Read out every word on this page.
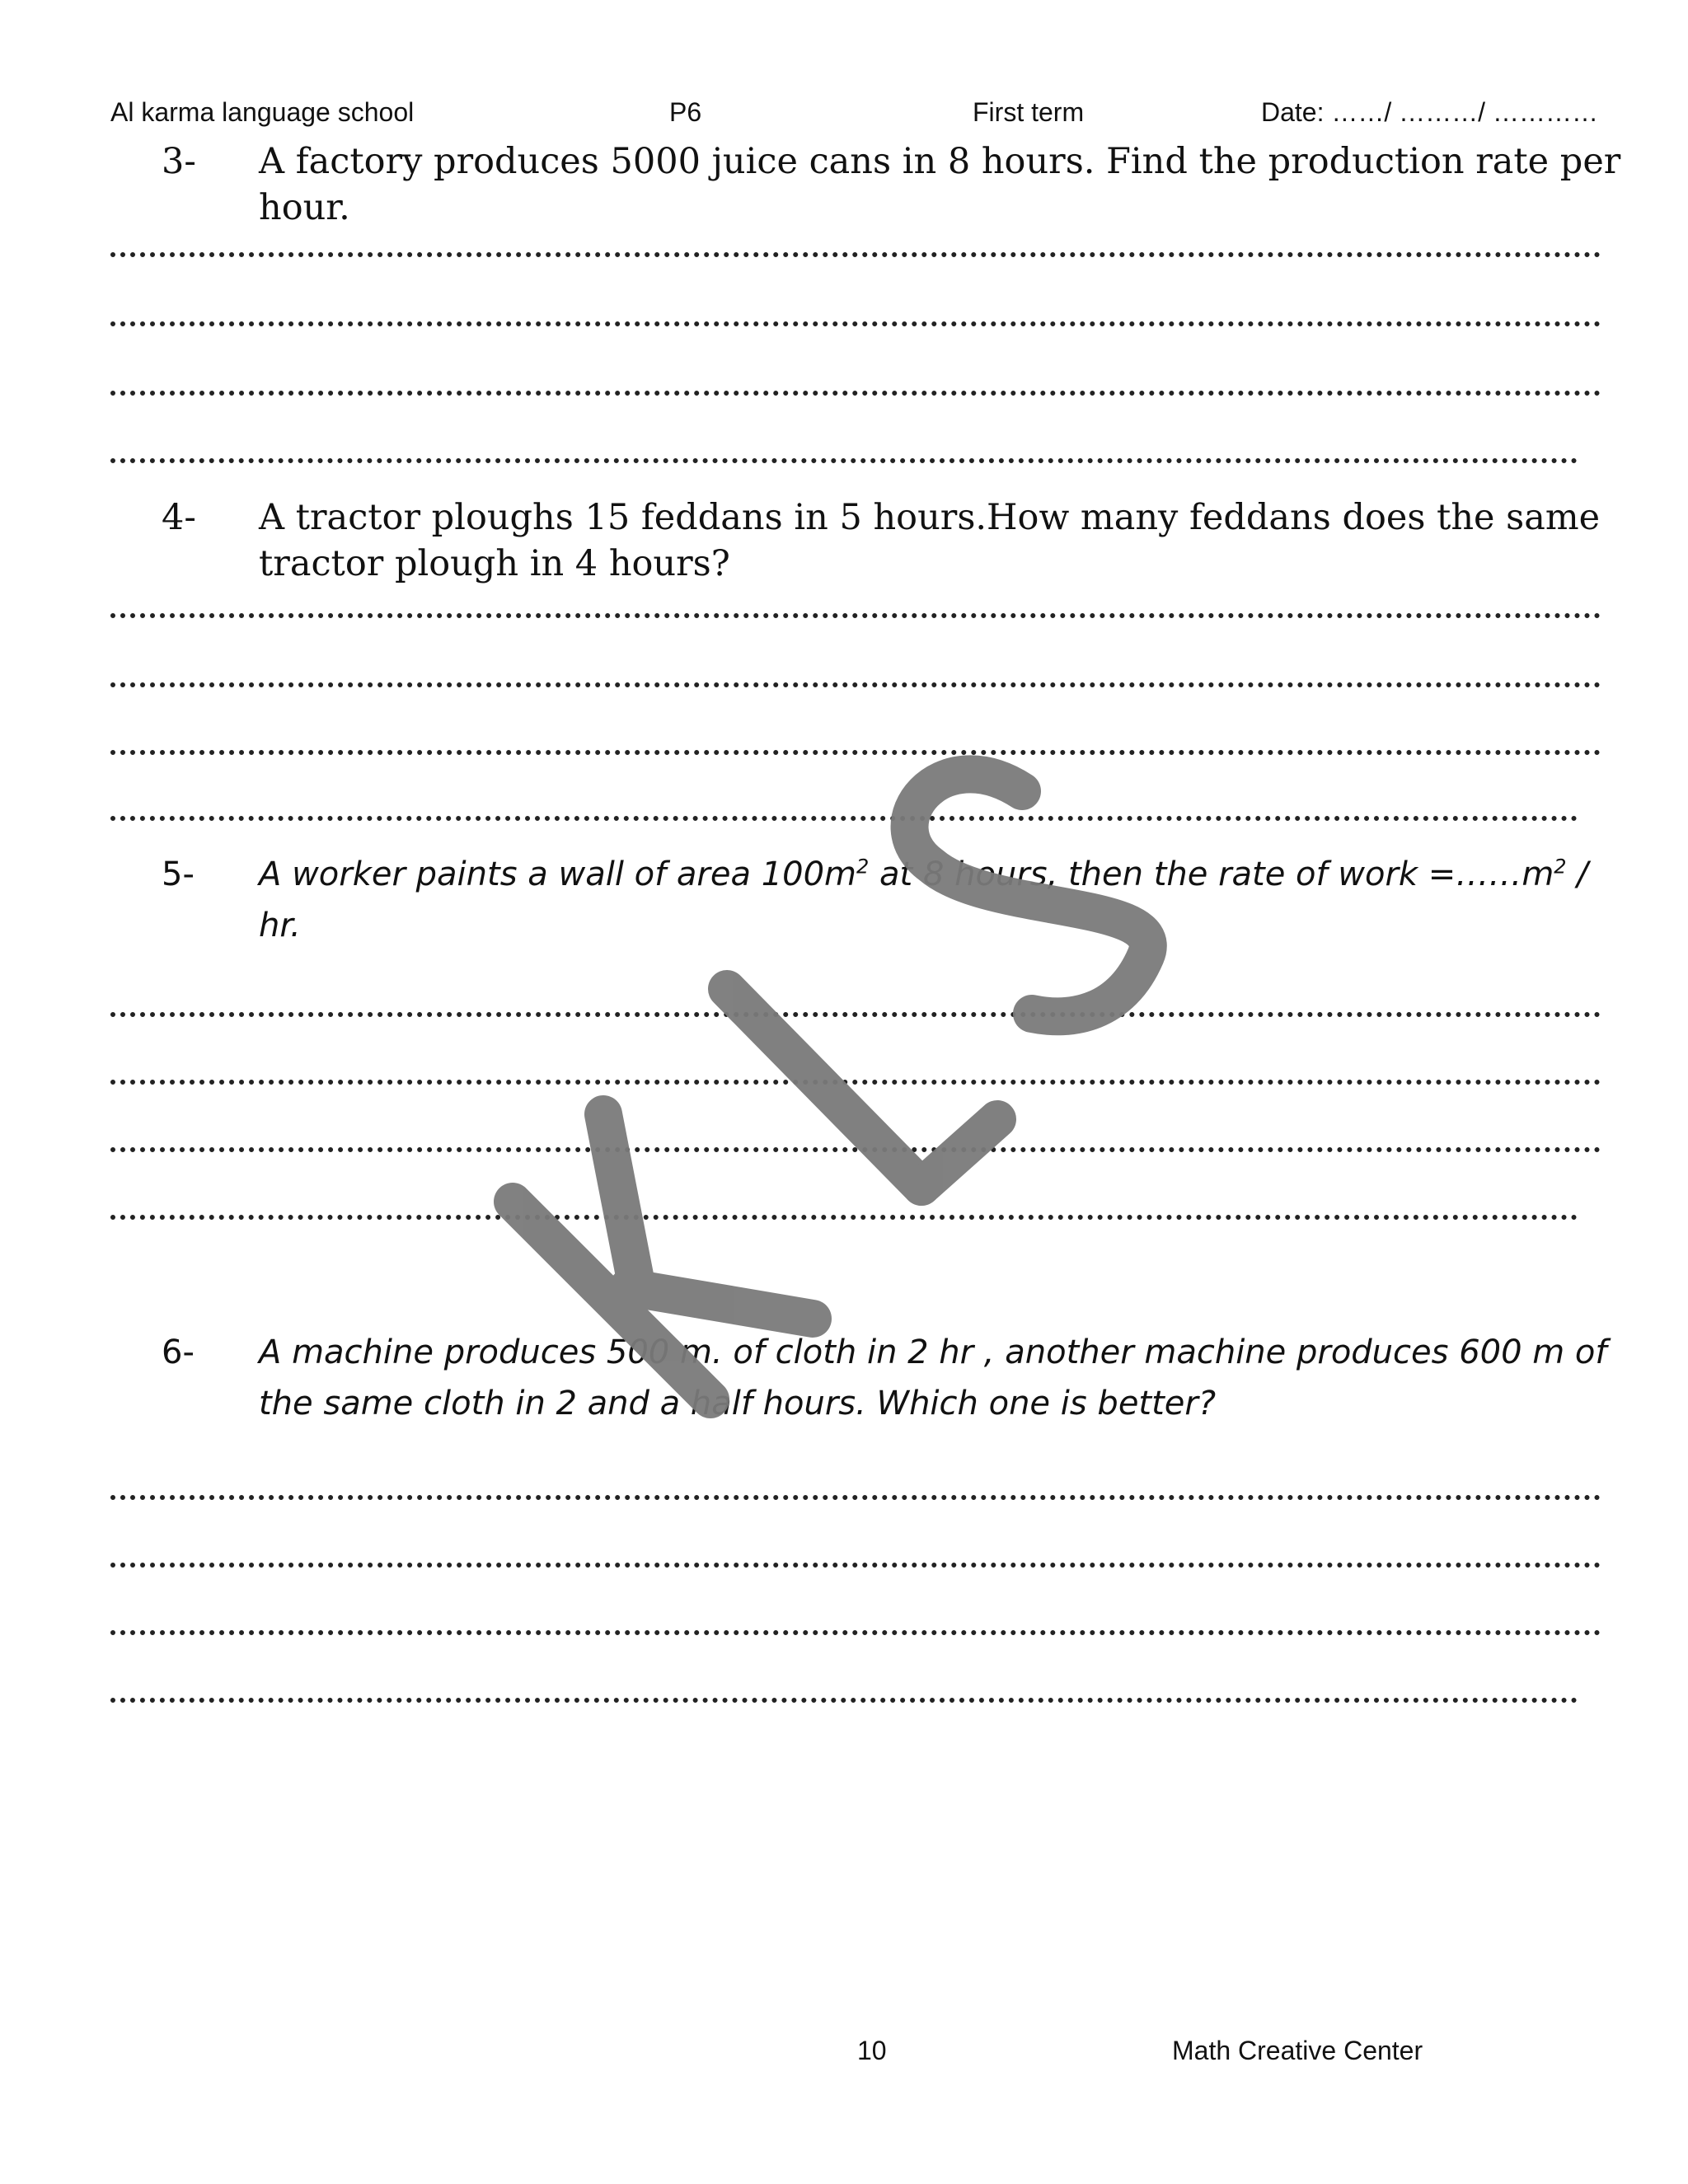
Al karma language school	P6	First term	Date: ……/ ………/ …………
3- A factory produces 5000 juice cans in 8 hours. Find the production rate per hour.
4- A tractor ploughs 15 feddans in 5 hours.How many feddans does the same tractor plough in 4 hours?
5- A worker paints a wall of area $100m^2$ at 8 hours, then the rate of work $=\dots\dots m^2$ / hr.
6- A machine produces 500 m. of cloth in 2 hr , another machine produces 600 m of the same cloth in 2 and a half hours. Which one is better?
10	Math Creative Center
